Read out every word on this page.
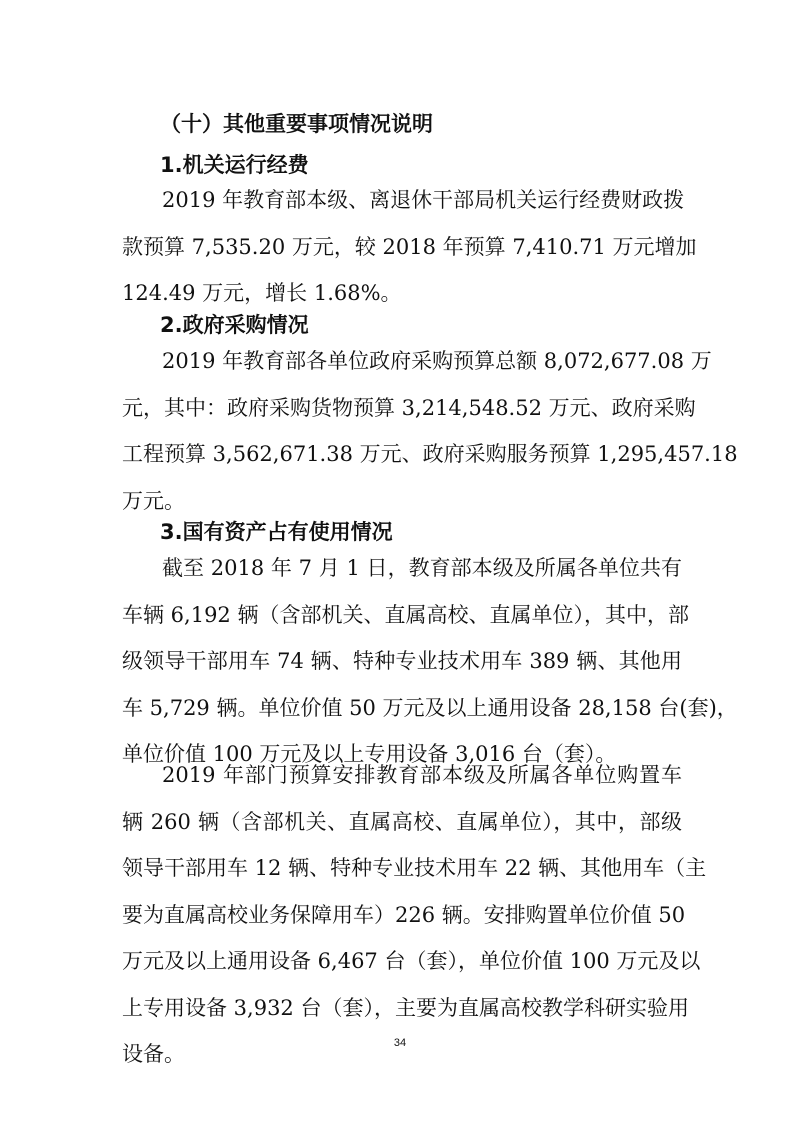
（十）其他重要事项情况说明
1.机关运行经费
2019 年教育部本级、离退休干部局机关运行经费财政拨
款预算 7,535.20 万元，较 2018 年预算 7,410.71 万元增加
124.49 万元，增长 1.68%。
2.政府采购情况
2019 年教育部各单位政府采购预算总额 8,072,677.08 万
元，其中：政府采购货物预算 3,214,548.52 万元、政府采购
工程预算 3,562,671.38 万元、政府采购服务预算 1,295,457.18
万元。
3.国有资产占有使用情况
截至 2018 年 7 月 1 日，教育部本级及所属各单位共有
车辆 6,192 辆（含部机关、直属高校、直属单位），其中，部
级领导干部用车 74 辆、特种专业技术用车 389 辆、其他用
车 5,729 辆。单位价值 50 万元及以上通用设备 28,158 台(套)，
单位价值 100 万元及以上专用设备 3,016 台（套）。
2019 年部门预算安排教育部本级及所属各单位购置车
辆 260 辆（含部机关、直属高校、直属单位），其中，部级
领导干部用车 12 辆、特种专业技术用车 22 辆、其他用车（主
要为直属高校业务保障用车）226 辆。安排购置单位价值 50
万元及以上通用设备 6,467 台（套），单位价值 100 万元及以
上专用设备 3,932 台（套），主要为直属高校教学科研实验用
设备。	34
